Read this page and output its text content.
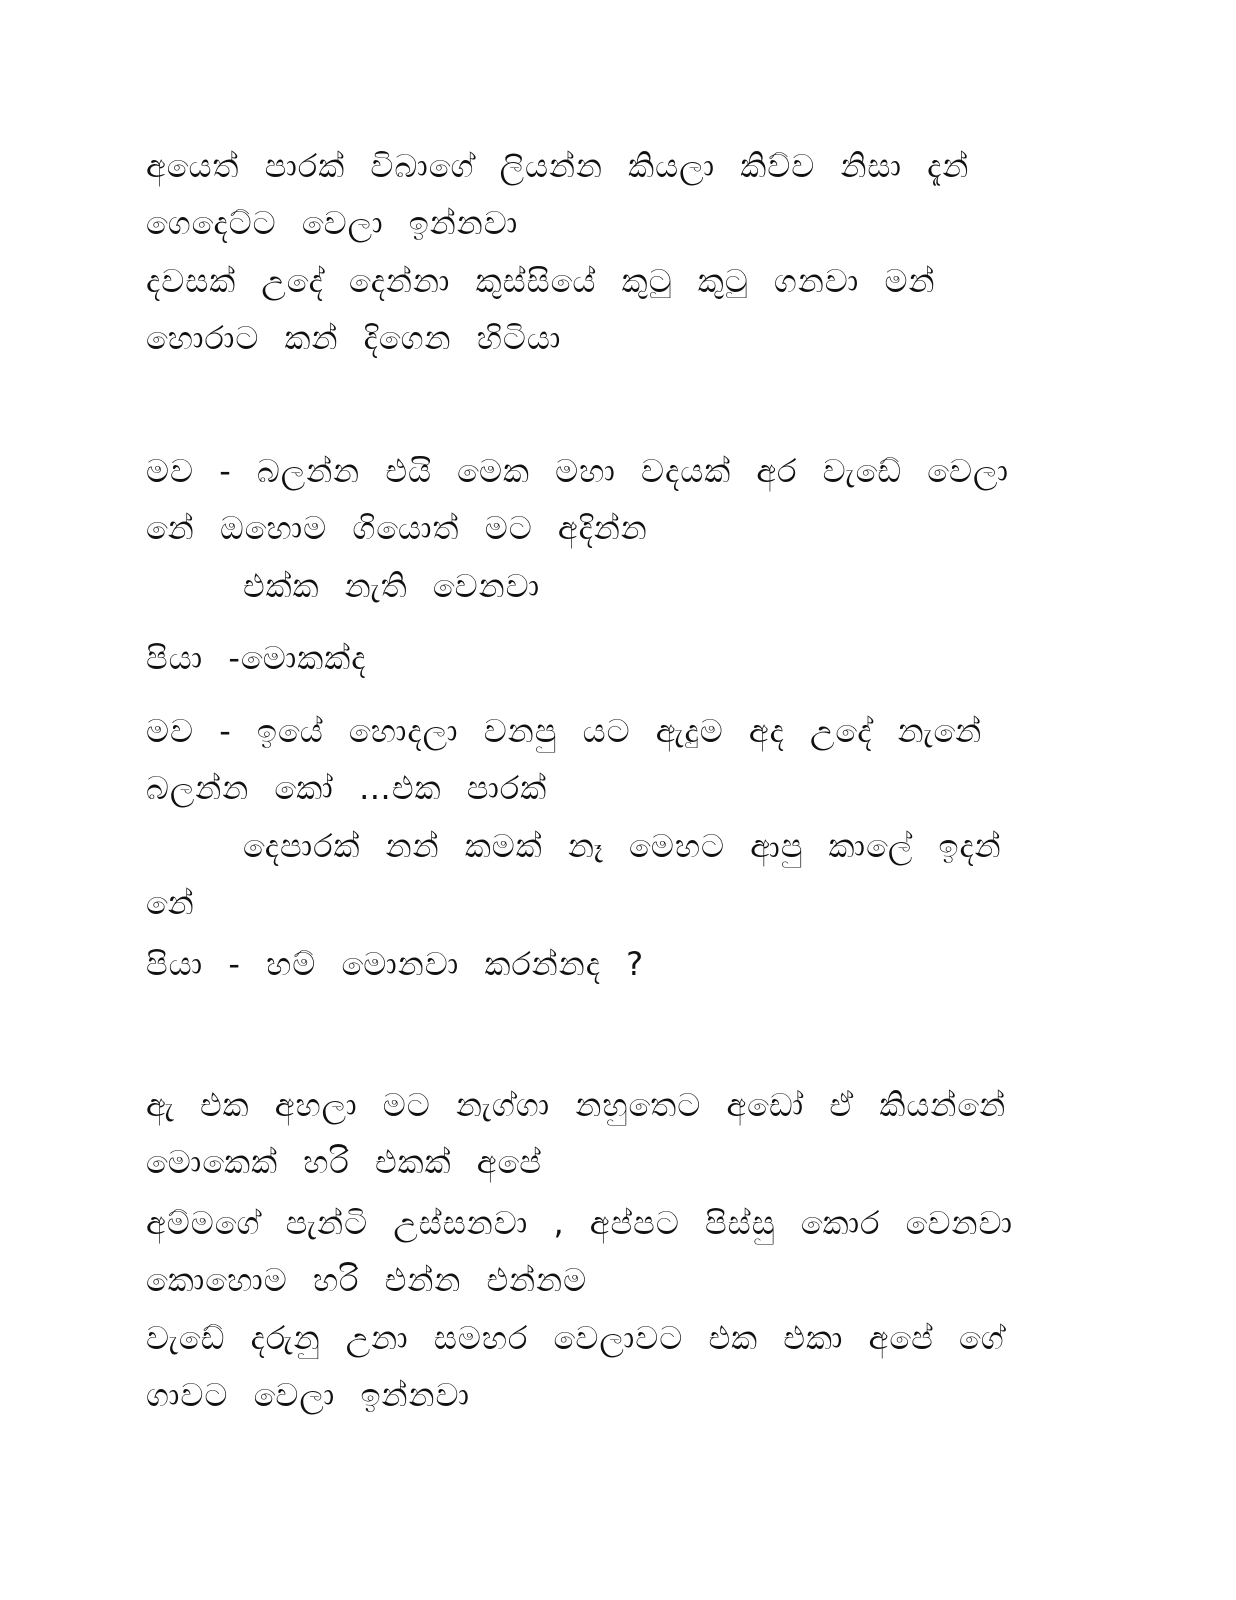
අයෙත් පාරක් විබාගේ ලියන්න කියලා කිව්ව නිසා දැන්
ගෙදෙට්ට වෙලා ඉන්නවා
දවසක් උදේ දෙන්නා කුස්සියේ කුටු කුටු ගනවා මන්
හොරාට කන් දිගෙන හිටියා
මව - බලන්න එයි මෙක මහා වදයක් අර වැඩේ වෙලා
නේ ඔහොම ගියොත් මට අදින්න
එක්ක නැති වෙනවා
පියා -මොකක්ද
මව - ඉයේ හොදලා වනපු යට ඇදුම අද උදේ නැනේ
බලන්න කෝ …එක පාරක්
දෙපාරක් නන් කමක් නෑ මෙහට ආපු කාලේ ඉදන්
නේ
පියා - හම් මොනවා කරන්නද ?
ඇ එක අහලා මට නැග්ගා නහුතෙට අඩෝ ඒ කියන්නේ
මොකෙක් හරි එකක් අපේ
අම්මගේ පැන්ටි උස්සනවා , අප්පට පිස්සු කොර වෙනවා
කොහොම හරි එන්න එන්නම
වැඩේ දරුනු උනා සමහර වෙලාවට එක එකා අපේ ගේ
ගාවට වෙලා ඉන්නවා
